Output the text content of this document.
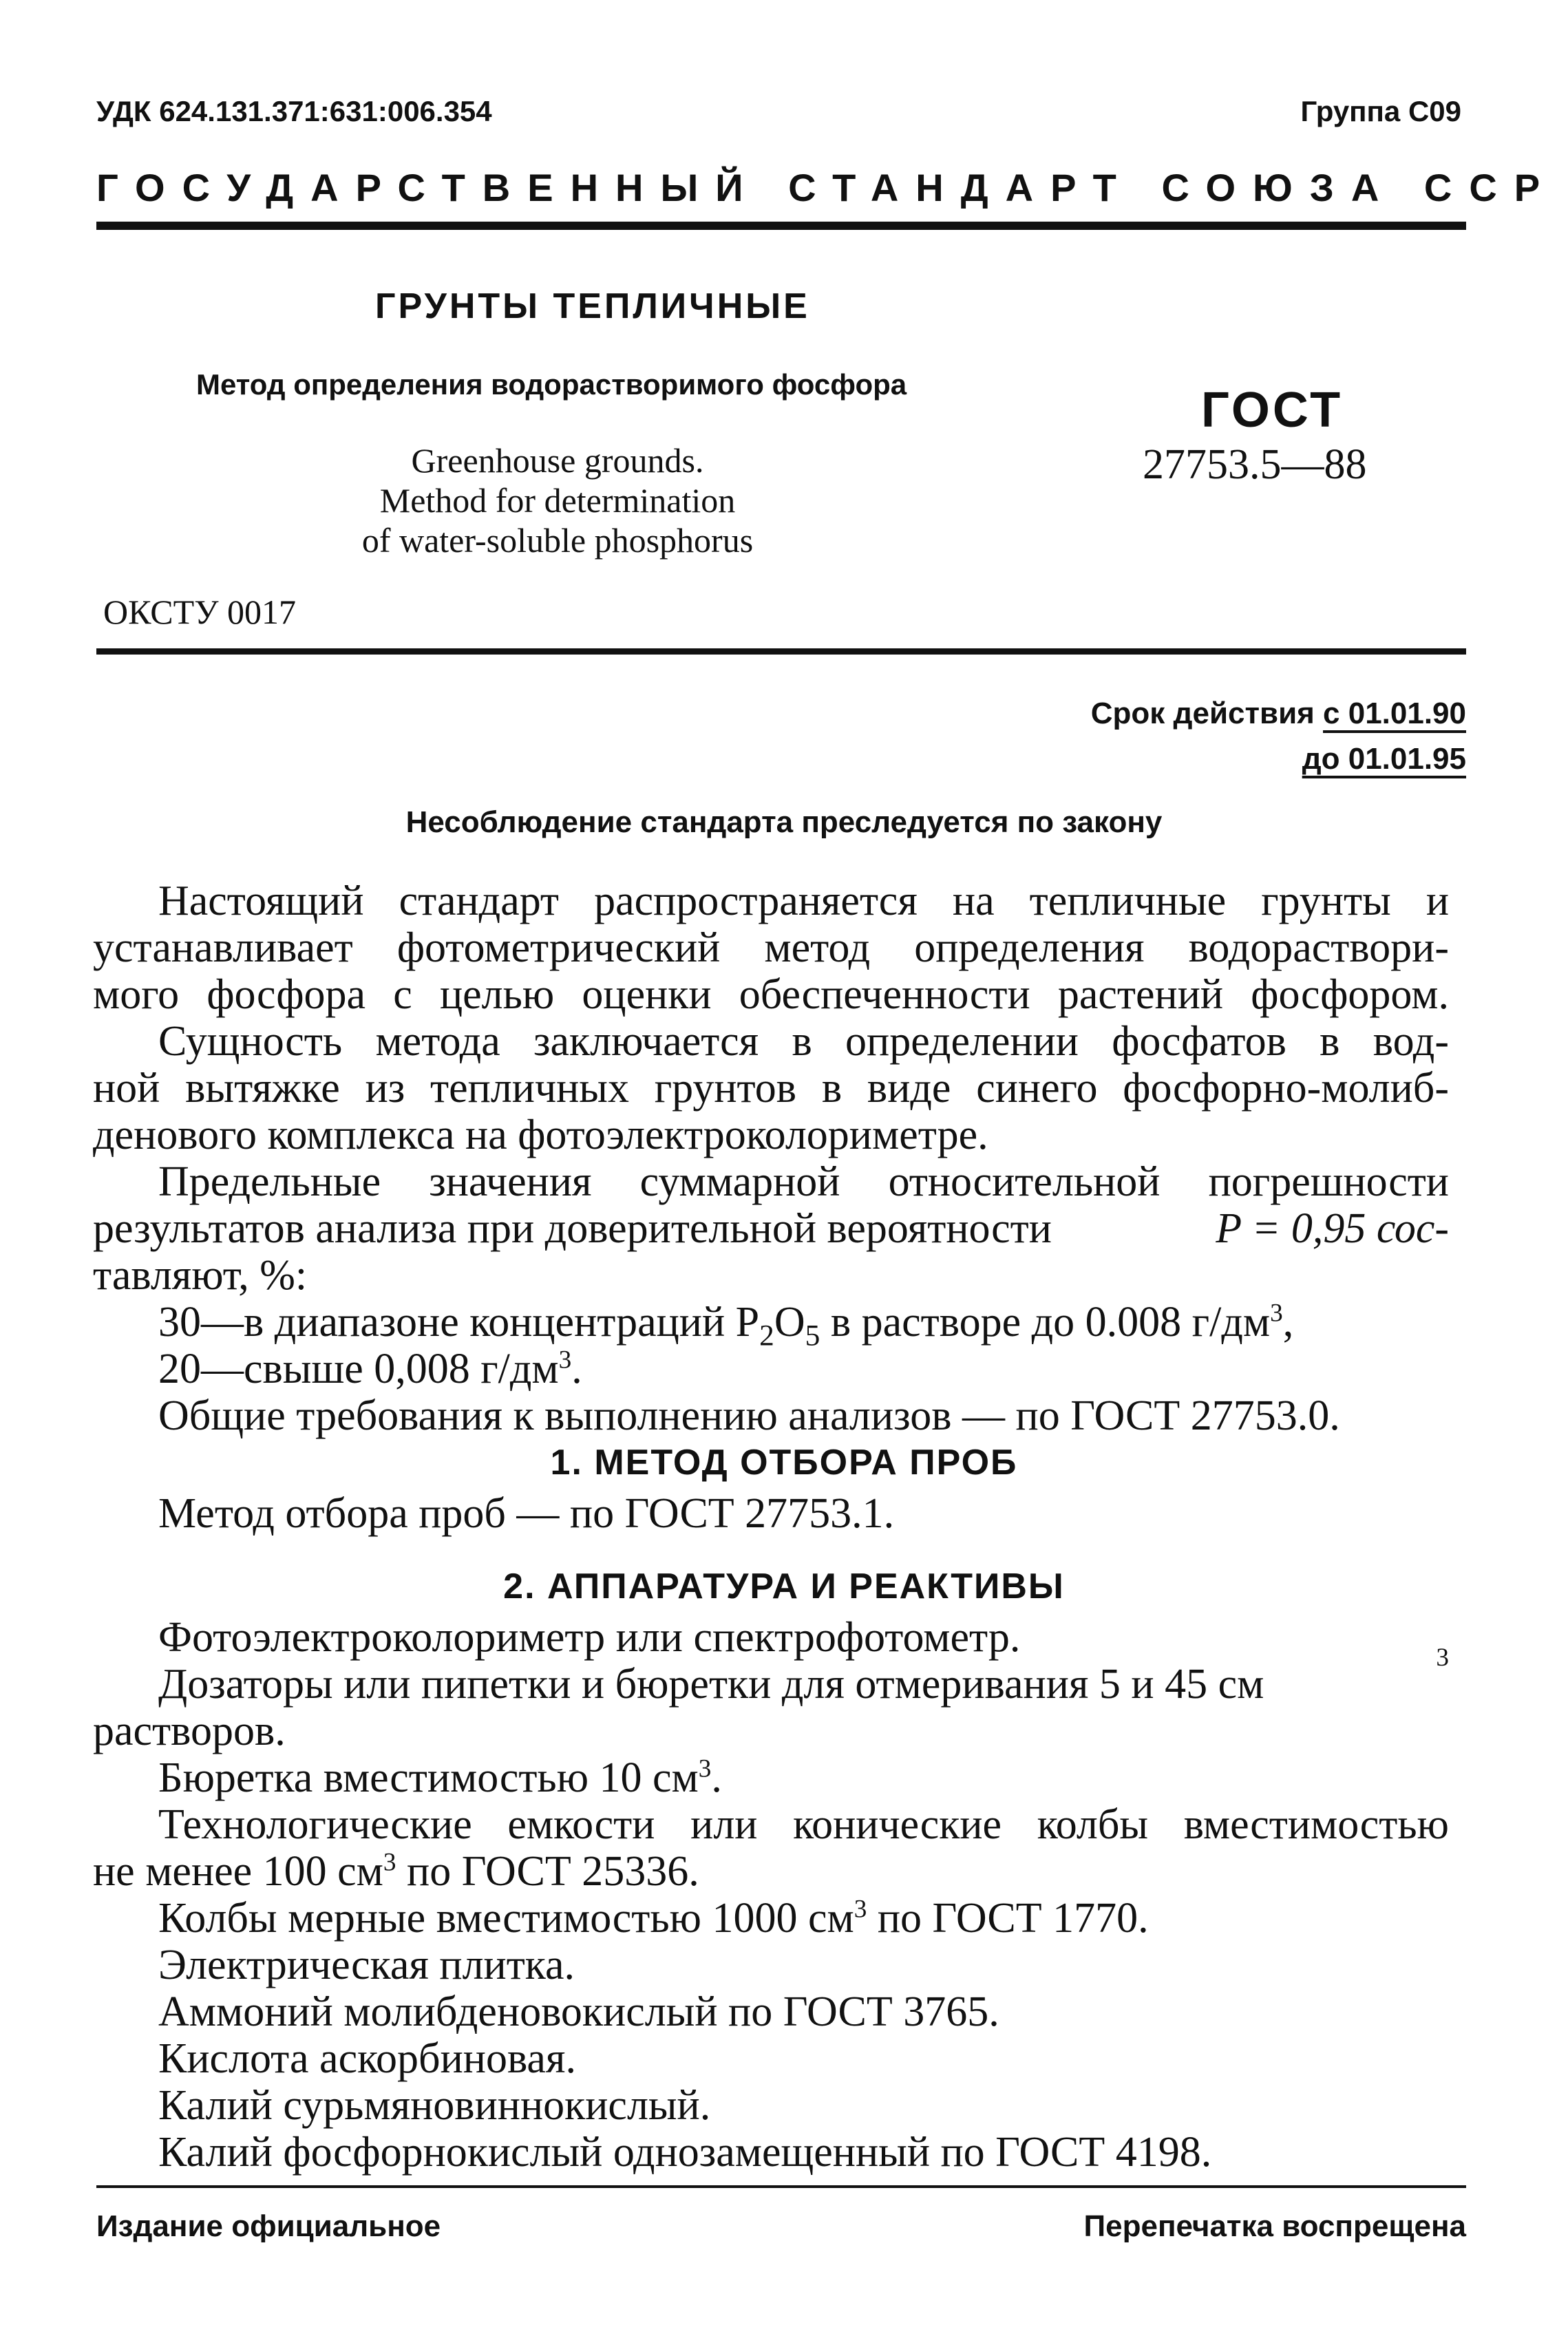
УДК 624.131.371:631:006.354	Группа С09
ГОСУДАРСТВЕННЫЙ СТАНДАРТ СОЮЗА ССР
ГРУНТЫ ТЕПЛИЧНЫЕ
Метод определения водорастворимого фосфора
Greenhouse grounds.
Method for determination
of water-soluble phosphorus
ГОСТ
27753.5—88
ОКСТУ 0017
Срок действия с 01.01.90
до 01.01.95
Несоблюдение стандарта преследуется по закону
Настоящий стандарт распространяется на тепличные грунты и
устанавливает фотометрический метод определения водораствори-
мого фосфора с целью оценки обеспеченности растений фосфором.
Сущность метода заключается в определении фосфатов в вод-
ной вытяжке из тепличных грунтов в виде синего фосфорно-молиб-
денового комплекса на фотоэлектроколориметре.
Предельные значения суммарной относительной погрешности
результатов анализа при доверительной вероятности	P = 0,95 сос-
тавляют, %:
30—в диапазоне концентраций $P_2O_5$ в растворе до 0.008 $г/дм^3$,
20—свыше 0,008 $г/дм^3$.
Общие требования к выполнению анализов — по ГОСТ 27753.0.
1. МЕТОД ОТБОРА ПРОБ
Метод отбора проб — по ГОСТ 27753.1.
2. АППАРАТУРА И РЕАКТИВЫ
Фотоэлектроколориметр или спектрофотометр.
Дозаторы или пипетки и бюретки для отмеривания 5 и 45 см
$^3$
растворов.
Бюретка вместимостью 10 $см^3$.
Технологические емкости или конические колбы вместимостью
не менее 100 $см^3$ по ГОСТ 25336.
Колбы мерные вместимостью 1000 $см^3$ по ГОСТ 1770.
Электрическая плитка.
Аммоний молибденовокислый по ГОСТ 3765.
Кислота аскорбиновая.
Калий сурьмяновиннокислый.
Калий фосфорнокислый однозамещенный по ГОСТ 4198.
Издание официальное	Перепечатка воспрещена
